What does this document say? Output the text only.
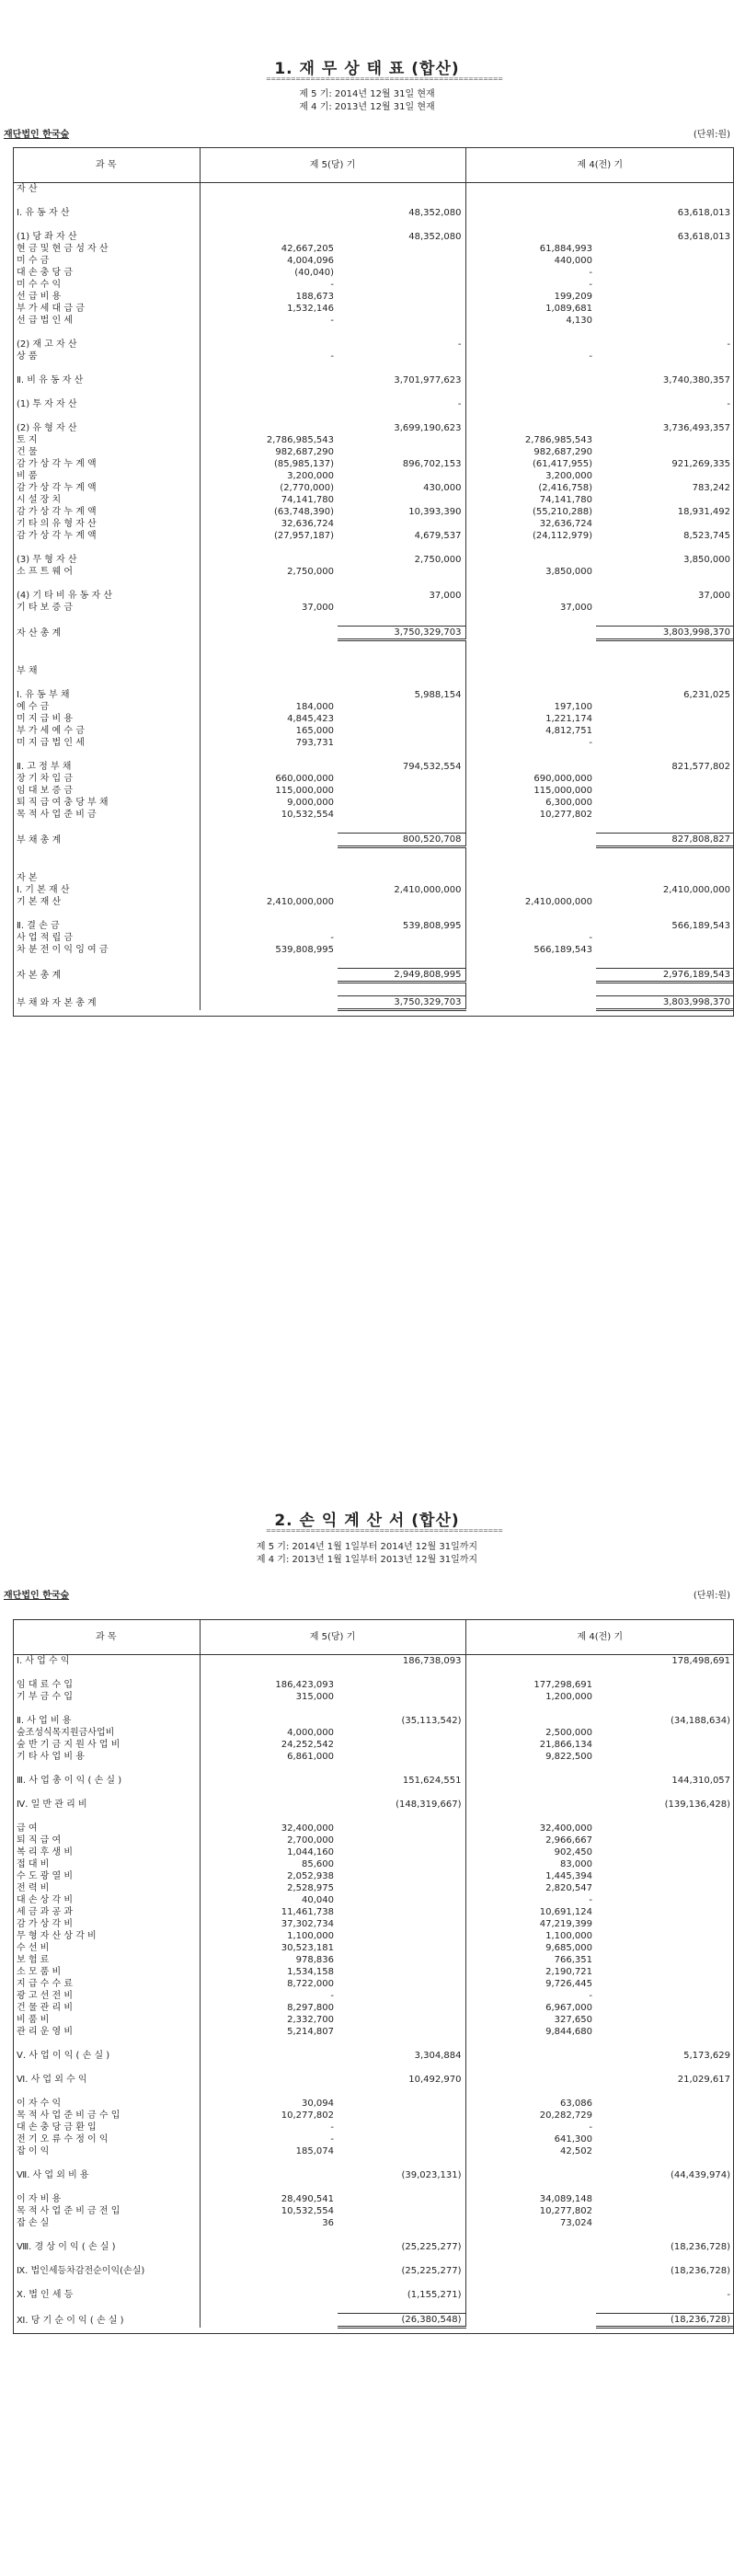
1. 재 무 상 태 표 (합산)
================================================
제 5 기: 2014년 12월 31일 현재
제 4 기: 2013년 12월 31일 현재
재단법인 한국숲	(단위:원)
과 목	제 5(당) 기		제 4(전) 기	
자 산				

Ⅰ. 유 동 자 산		48,352,080		63,618,013

(1) 당 좌 자 산		48,352,080		63,618,013
현 금 및 현 금 성 자 산	42,667,205		61,884,993	
미 수 금	4,004,096		440,000	
대 손 충 당 금	(40,040)		-	
미 수 수 익	-		-	
선 급 비 용	188,673		199,209	
부 가 세 대 급 금	1,532,146		1,089,681	
선 급 법 인 세	-		4,130	

(2) 재 고 자 산		-		-
상 품	-		-	

Ⅱ. 비 유 동 자 산		3,701,977,623		3,740,380,357

(1) 투 자 자 산		-		-

(2) 유 형 자 산		3,699,190,623		3,736,493,357
토 지	2,786,985,543		2,786,985,543	
건 물	982,687,290		982,687,290	
감 가 상 각 누 계 액	(85,985,137)	896,702,153	(61,417,955)	921,269,335
비 품	3,200,000		3,200,000	
감 가 상 각 누 계 액	(2,770,000)	430,000	(2,416,758)	783,242
시 설 장 치	74,141,780		74,141,780	
감 가 상 각 누 계 액	(63,748,390)	10,393,390	(55,210,288)	18,931,492
기 타 의 유 형 자 산	32,636,724		32,636,724	
감 가 상 각 누 계 액	(27,957,187)	4,679,537	(24,112,979)	8,523,745

(3) 무 형 자 산		2,750,000		3,850,000
소 프 트 웨 어	2,750,000		3,850,000	

(4) 기 타 비 유 동 자 산		37,000		37,000
기 타 보 증 금	37,000		37,000	

자 산 총 계		3,750,329,703		3,803,998,370

부 채				

Ⅰ. 유 동 부 채		5,988,154		6,231,025
예 수 금	184,000		197,100	
미 지 급 비 용	4,845,423		1,221,174	
부 가 세 예 수 금	165,000		4,812,751	
미 지 급 법 인 세	793,731		-	

Ⅱ. 고 정 부 채		794,532,554		821,577,802
장 기 차 입 금	660,000,000		690,000,000	
임 대 보 증 금	115,000,000		115,000,000	
퇴 직 급 여 충 당 부 채	9,000,000		6,300,000	
목 적 사 업 준 비 금	10,532,554		10,277,802	

부 채 총 계		800,520,708		827,808,827

자 본				
Ⅰ. 기 본 재 산		2,410,000,000		2,410,000,000
기 본 재 산	2,410,000,000		2,410,000,000	

Ⅱ. 결 손 금		539,808,995		566,189,543
사 업 적 립 금	-		-	
차 분 전 이 익 잉 여 금	539,808,995		566,189,543	

자 본 총 계		2,949,808,995		2,976,189,543

부 채 와 자 본 총 계		3,750,329,703		3,803,998,370
2. 손 익 계 산 서 (합산)
================================================
제 5 기: 2014년 1월 1일부터 2014년 12월 31일까지
제 4 기: 2013년 1월 1일부터 2013년 12월 31일까지
재단법인 한국숲	(단위:원)
과 목	제 5(당) 기		제 4(전) 기	
Ⅰ. 사 업 수 익		186,738,093		178,498,691

임 대 료 수 입	186,423,093		177,298,691	
기 부 금 수 입	315,000		1,200,000	

Ⅱ. 사 업 비 용		(35,113,542)		(34,188,634)
숲조성식목지원금사업비	4,000,000		2,500,000	
숲 반 기 금 지 원 사 업 비	24,252,542		21,866,134	
기 타 사 업 비 용	6,861,000		9,822,500	

Ⅲ. 사 업 총 이 익 ( 손 실 )		151,624,551		144,310,057

Ⅳ. 일 반 관 리 비		(148,319,667)		(139,136,428)

급 여	32,400,000		32,400,000	
퇴 직 급 여	2,700,000		2,966,667	
복 리 후 생 비	1,044,160		902,450	
접 대 비	85,600		83,000	
수 도 광 열 비	2,052,938		1,445,394	
전 력 비	2,528,975		2,820,547	
대 손 상 각 비	40,040		-	
세 금 과 공 과	11,461,738		10,691,124	
감 가 상 각 비	37,302,734		47,219,399	
무 형 자 산 상 각 비	1,100,000		1,100,000	
수 선 비	30,523,181		9,685,000	
보 험 료	978,836		766,351	
소 모 품 비	1,534,158		2,190,721	
지 급 수 수 료	8,722,000		9,726,445	
광 고 선 전 비	-		-	
건 물 관 리 비	8,297,800		6,967,000	
비 품 비	2,332,700		327,650	
관 리 운 영 비	5,214,807		9,844,680	

Ⅴ. 사 업 이 익 ( 손 실 )		3,304,884		5,173,629

Ⅵ. 사 업 외 수 익		10,492,970		21,029,617

이 자 수 익	30,094		63,086	
목 적 사 업 준 비 금 수 입	10,277,802		20,282,729	
대 손 충 당 금 환 입	-		-	
전 기 오 류 수 정 이 익	-		641,300	
잡 이 익	185,074		42,502	

Ⅶ. 사 업 외 비 용		(39,023,131)		(44,439,974)

이 자 비 용	28,490,541		34,089,148	
목 적 사 업 준 비 금 전 입	10,532,554		10,277,802	
잡 손 실	36		73,024	

Ⅷ. 경 상 이 익 ( 손 실 )		(25,225,277)		(18,236,728)

Ⅸ. 법인세등차감전순이익(손실)		(25,225,277)		(18,236,728)

Ⅹ. 법 인 세 등		(1,155,271)		-

Ⅺ. 당 기 순 이 익 ( 손 실 )		(26,380,548)		(18,236,728)
